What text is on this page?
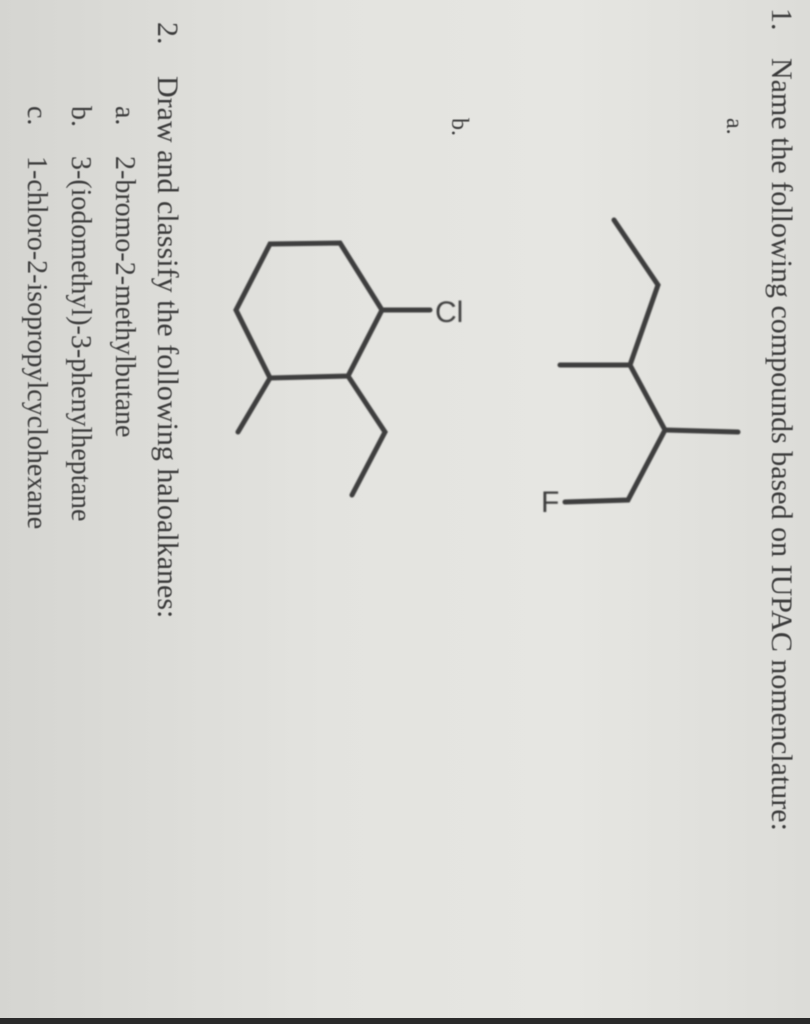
1.
Name the following compounds based on IUPAC nomenclature:
a.
b.
F
Cl
2.
Draw and classify the following haloalkanes:
a.
2-bromo-2-methylbutane
b.
3-(iodomethyl)-3-phenylheptane
c.
1-chloro-2-isopropylcyclohexane
